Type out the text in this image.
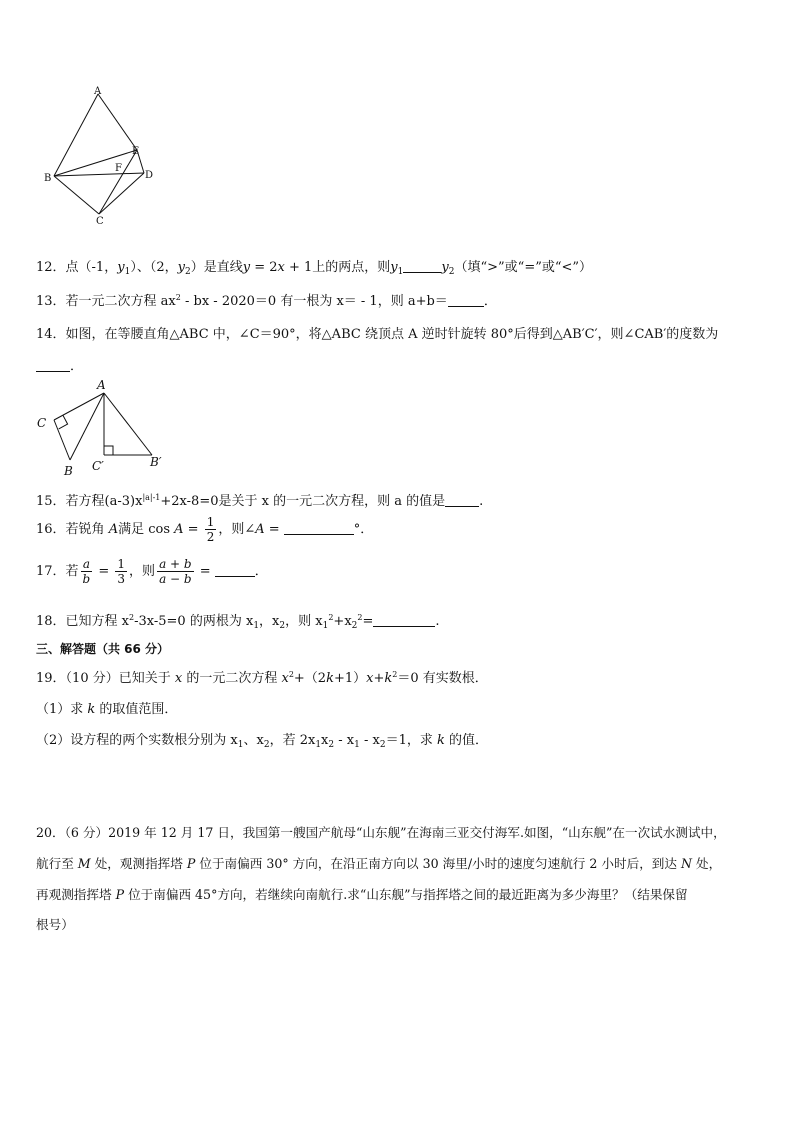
A
E
F
D
B
C
12．点（-1，$y_1$）、（2，$y_2$）是直线y = 2x + 1上的两点，则$y_1$	$y_2$（填“>”或“=”或“<”）
13．若一元二次方程 $ax^2$ - bx - 2020＝0 有一根为 x＝ - 1，则 a+b＝	．
14．如图，在等腰直角△ABC 中，∠C＝90°，将△ABC 绕顶点 A 逆时针旋转 80°后得到△AB′C′，则∠CAB′的度数为
．
A
C
B C′	B′
15．若方程$(a-3)x^{|a|-1}+2x-8=0$是关于 x 的一元二次方程，则 a 的值是	.
16．若锐角 A满足 $\cos A = \frac{1}{2}$ ，则∠A =	°．
17．若 $\frac{a}{b} = \frac{1}{3}$ ，则 $\frac{a + b}{a - b}$ =	．
18．已知方程 $x^2-3x-5=0$ 的两根为 $x_1$，$x_2$，则 $x_1^2+x_2^2=$	.
三、解答题（共 66 分）
19．（10 分）已知关于 x 的一元二次方程 $x^2+(2k+1)x+k^2=0$ 有实数根．
（1）求 k 的取值范围．
（2）设方程的两个实数根分别为 $x_1$、$x_2$，若 $2x_1x_2 - x_1 - x_2=1$，求 k 的值．
20．（6 分）2019 年 12 月 17 日，我国第一艘国产航母“山东舰”在海南三亚交付海军.如图，“山东舰”在一次试水测试中，
航行至 M 处，观测指挥塔 P 位于南偏西 30° 方向，在沿正南方向以 30 海里/小时的速度匀速航行 2 小时后，到达 N 处，
再观测指挥塔 P 位于南偏西 45°方向，若继续向南航行.求“山东舰”与指挥塔之间的最近距离为多少海里？（结果保留
根号）
